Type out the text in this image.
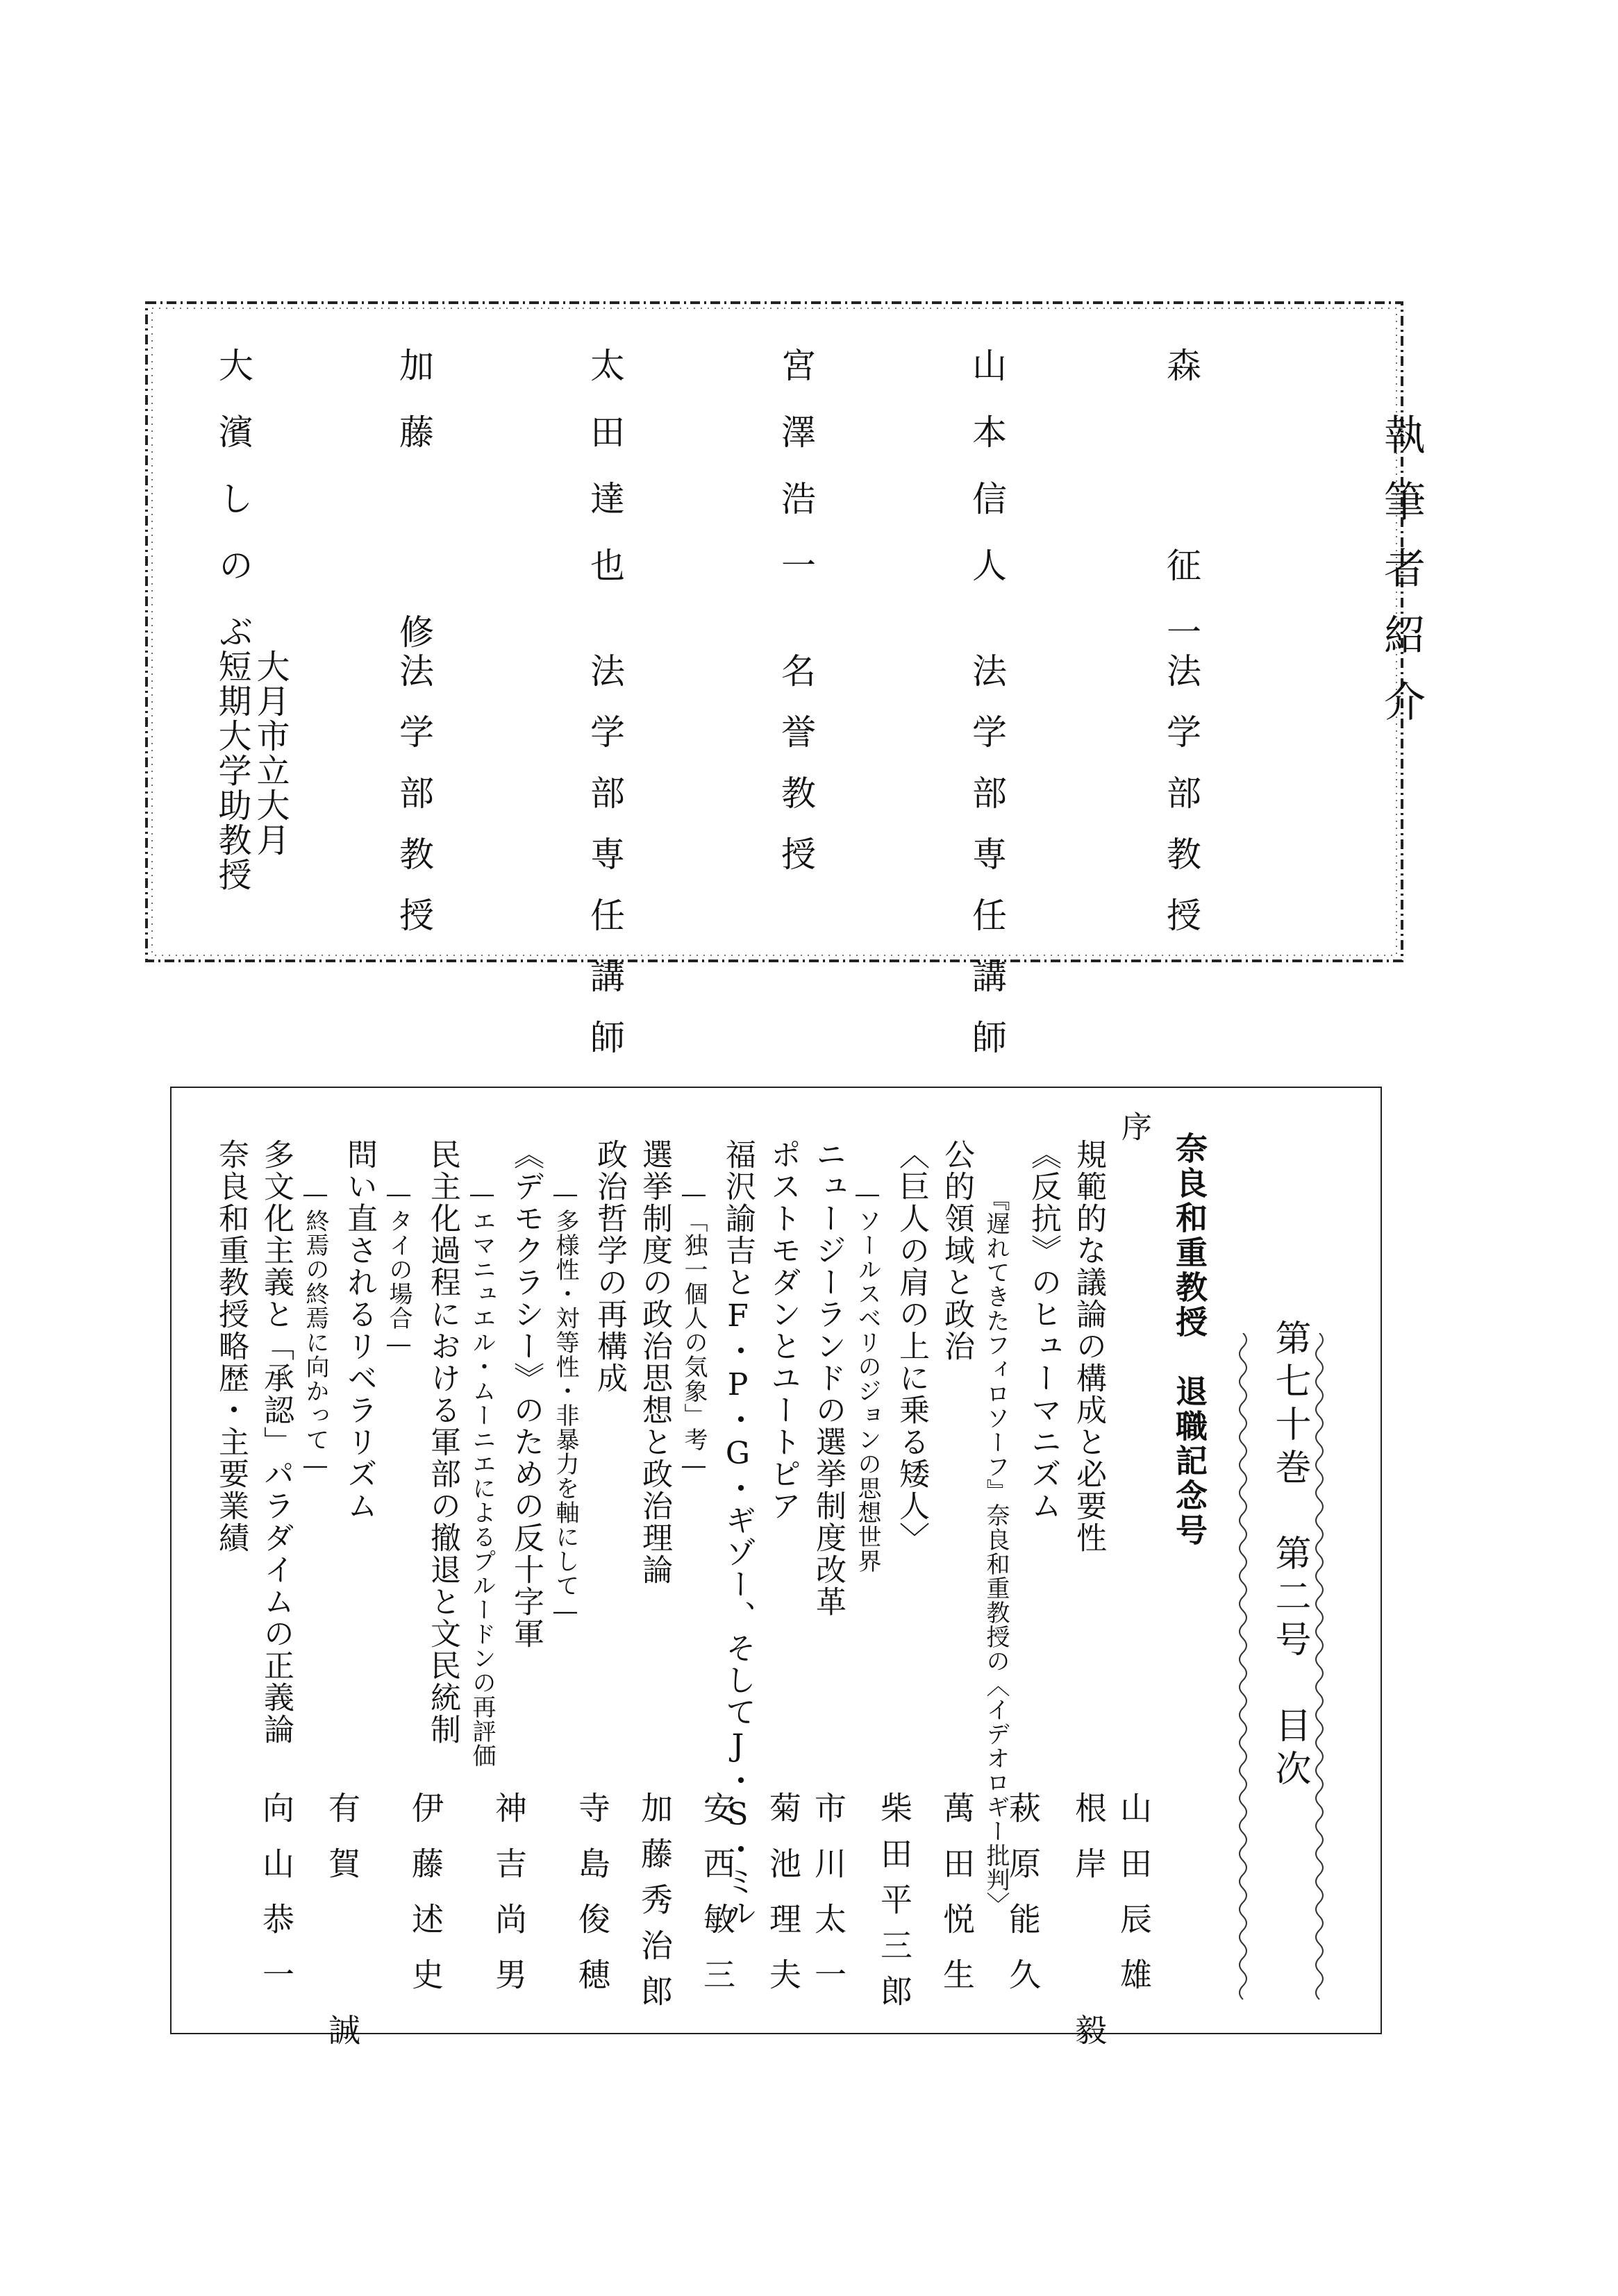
執筆者紹介
森　　征一
法学部教授
山本信人
法学部専任講師
宮澤浩一
名誉教授
太田達也
法学部専任講師
加藤　　修
法学部教授
大濱しのぶ
大月市立大月
短期大学助教授
第七十巻　第二号　目次
奈良和重教授　退職記念号
序
規範的な議論の構成と必要性
《反抗》のヒューマニズム
『遅れてきたフィロソーフ』奈良和重教授の〈イデオロギー批判〉
公的領域と政治
〈巨人の肩の上に乗る矮人〉
―ソールスベリのジョンの思想世界
ニュージーランドの選挙制度改革
ポストモダンとユートピア
福沢諭吉とF・P・G・ギゾー、そしてJ・S・ミル
―「独一個人の気象」考―
選挙制度の政治思想と政治理論
政治哲学の再構成
―多様性・対等性・非暴力を軸にして―
《デモクラシー》のための反十字軍
―エマニュエル・ムーニエによるプルードンの再評価
民主化過程における軍部の撤退と文民統制
―タイの場合―
問い直されるリベラリズム
―終焉の終焉に向かって―
多文化主義と「承認」パラダイムの正義論
奈良和重教授略歴・主要業績
山田辰雄
根岸　　毅
萩原能久
萬田悦生
柴田平三郎
市川太一
菊池理夫
安西敏三
加藤秀治郎
寺島俊穂
神吉尚男
伊藤述史
有賀　　誠
向山恭一
